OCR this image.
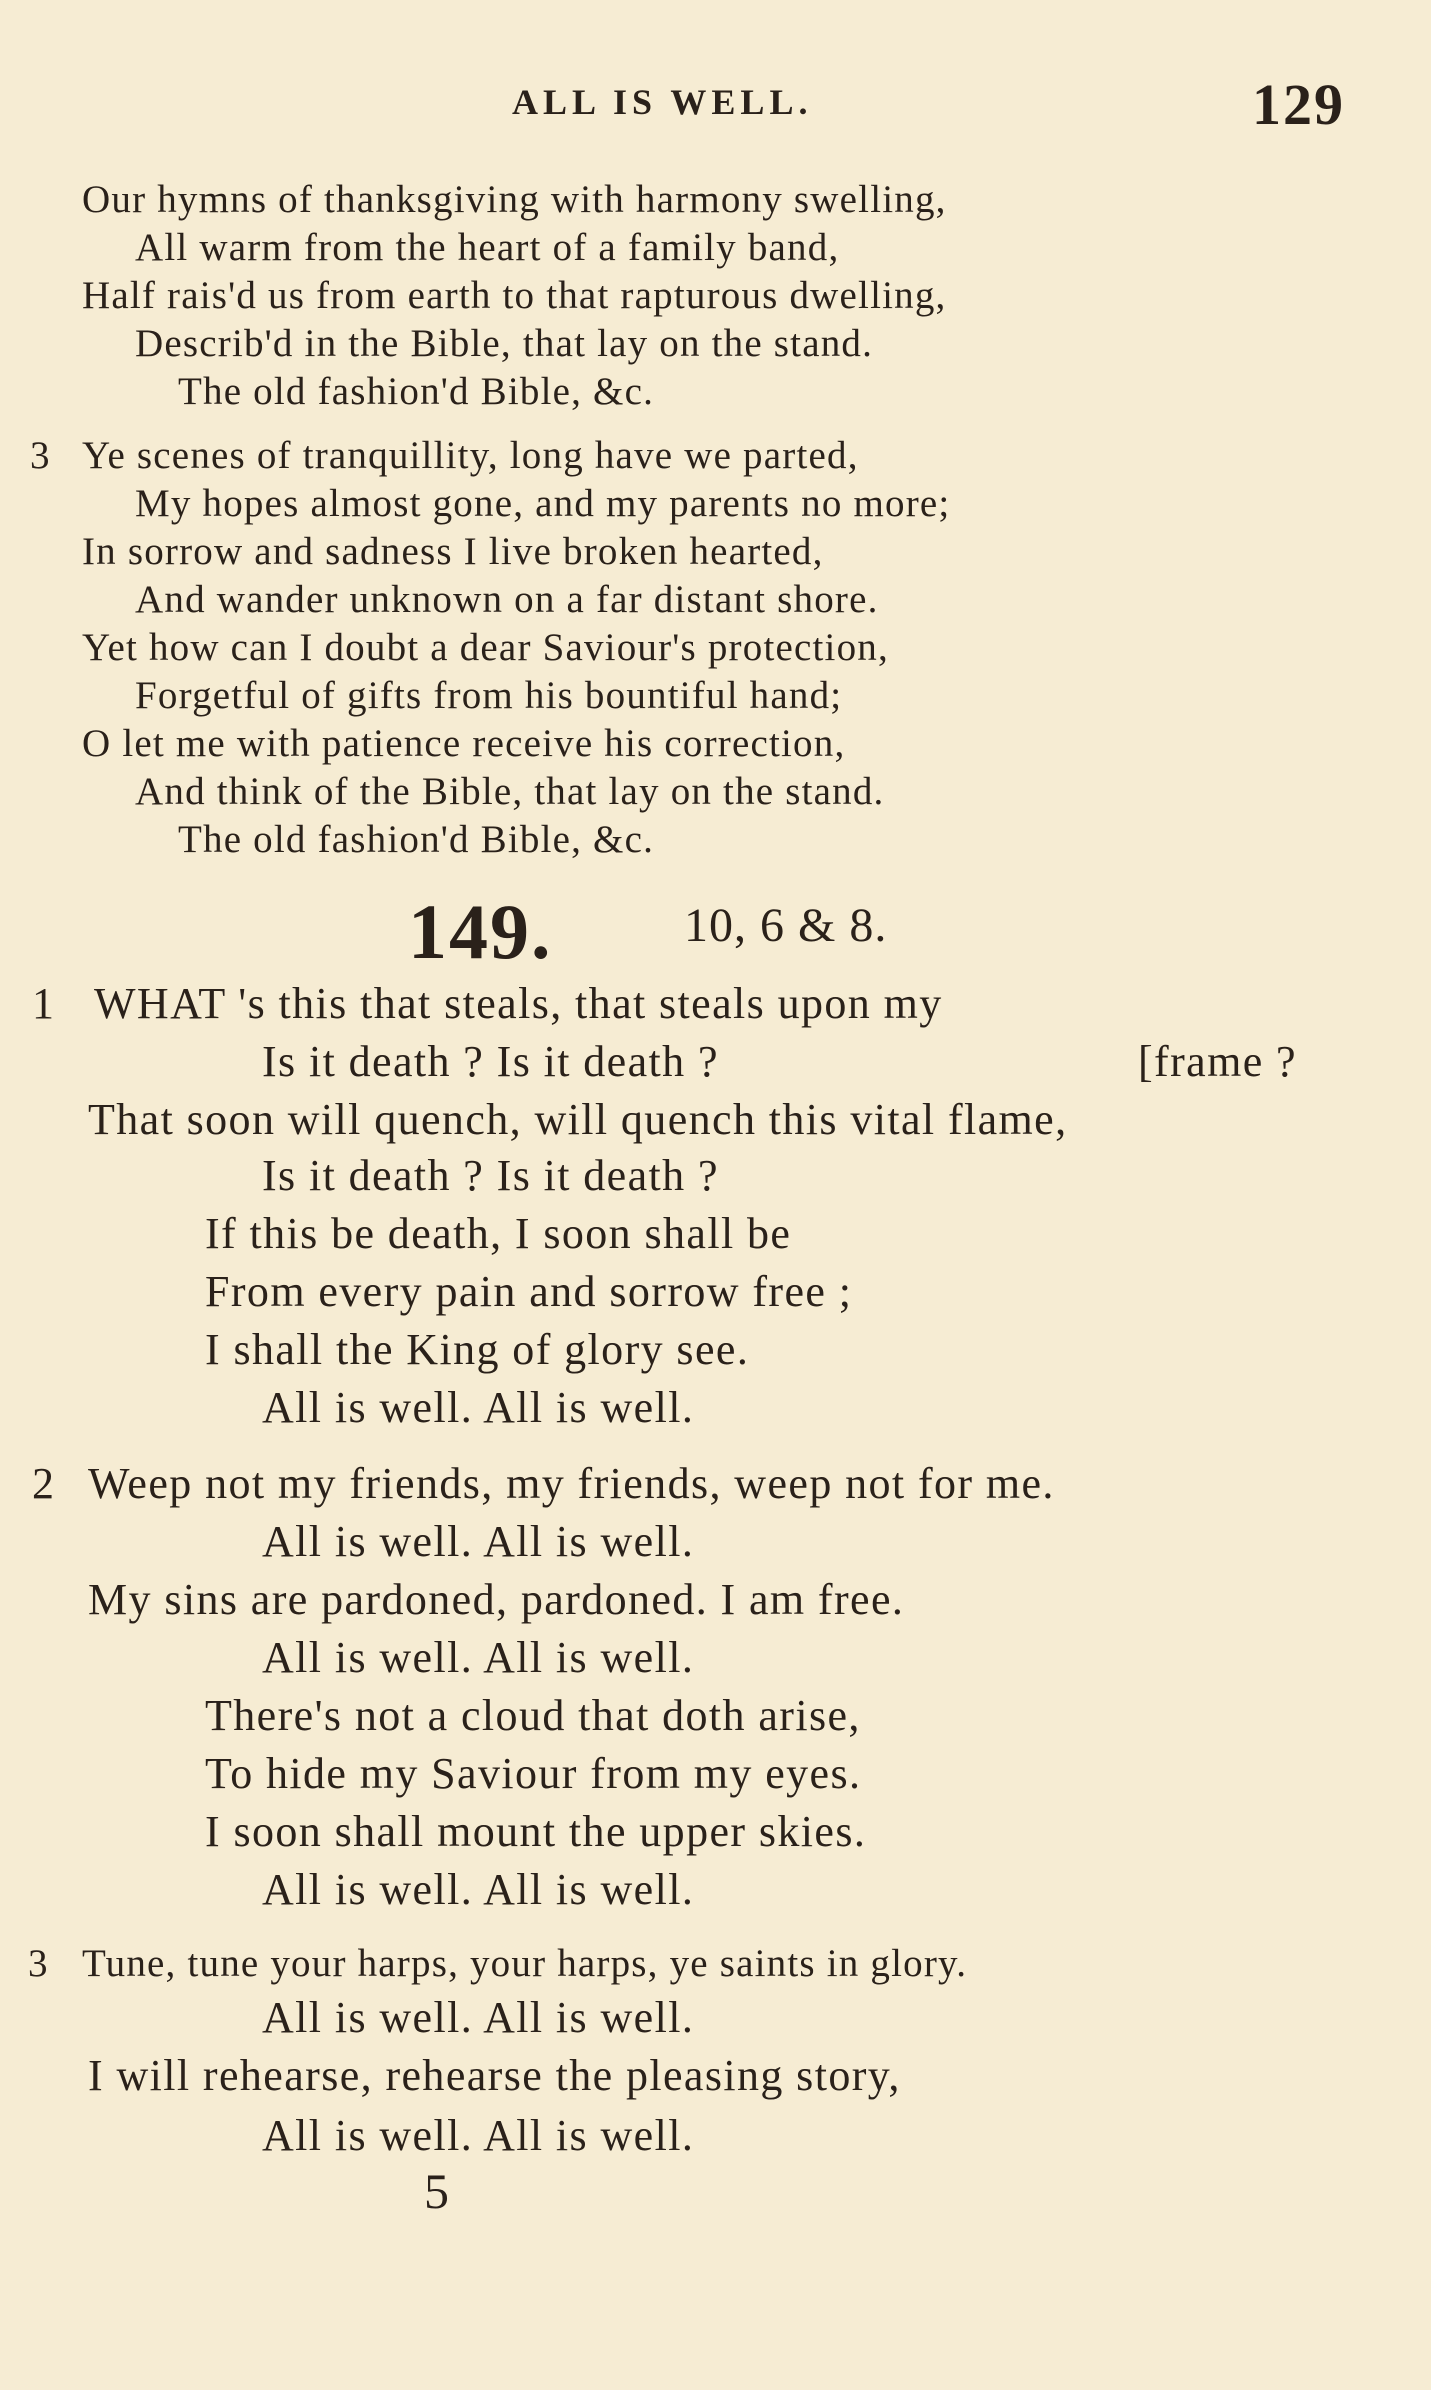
ALL IS WELL.	129
Our hymns of thanksgiving with harmony swelling,
All warm from the heart of a family band,
Half rais'd us from earth to that rapturous dwelling,
Describ'd in the Bible, that lay on the stand.
The old fashion'd Bible, &c.
3 Ye scenes of tranquillity, long have we parted,
My hopes almost gone, and my parents no more;
In sorrow and sadness I live broken hearted,
And wander unknown on a far distant shore.
Yet how can I doubt a dear Saviour's protection,
Forgetful of gifts from his bountiful hand;
O let me with patience receive his correction,
And think of the Bible, that lay on the stand.
The old fashion'd Bible, &c.
149.	10, 6 & 8.
1 WHAT 's this that steals, that steals upon my
Is it death ? Is it death ?	[frame ?
That soon will quench, will quench this vital flame,
Is it death ? Is it death ?
If this be death, I soon shall be
From every pain and sorrow free ;
I shall the King of glory see.
All is well. All is well.
2 Weep not my friends, my friends, weep not for me.
All is well. All is well.
My sins are pardoned, pardoned. I am free.
All is well. All is well.
There's not a cloud that doth arise,
To hide my Saviour from my eyes.
I soon shall mount the upper skies.
All is well. All is well.
3 Tune, tune your harps, your harps, ye saints in glory.
All is well. All is well.
I will rehearse, rehearse the pleasing story,
All is well. All is well.
5
